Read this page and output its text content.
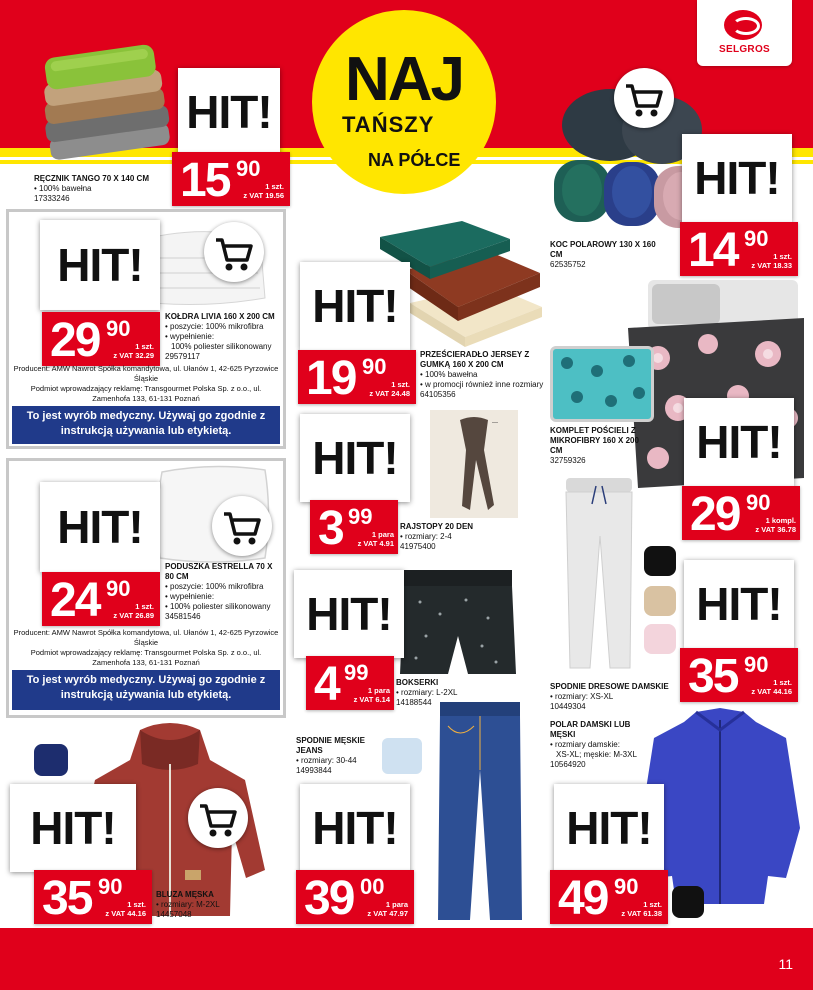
11
SELGROS
NAJ
TAŃSZY
NA PÓŁCE
HIT!
15 90
1 szt.
z VAT 19.56
RĘCZNIK TANGO 70 X 140 CM
• 100% bawełna
17333246
HIT!
29 90
1 szt.
z VAT 32.29
KOŁDRA LIVIA 160 X 200 CM
• poszycie: 100% mikrofibra
• wypełnienie:
100% poliester silikonowany
29579117
Producent: AMW Nawrot Spółka komandytowa, ul. Ułanów 1, 42-625 Pyrzowice Śląskie
Podmiot wprowadzający reklamę: Transgourmet Polska Sp. z o.o., ul. Zamenhofa 133, 61-131 Poznań
To jest wyrób medyczny. Używaj go zgodnie z instrukcją używania lub etykietą.
HIT!
24 90
1 szt.
z VAT 26.89
PODUSZKA ESTRELLA 70 X 80 CM
• poszycie: 100% mikrofibra
• wypełnienie:
• 100% poliester silikonowany
34581546
Producent: AMW Nawrot Spółka komandytowa, ul. Ułanów 1, 42-625 Pyrzowice Śląskie
Podmiot wprowadzający reklamę: Transgourmet Polska Sp. z o.o., ul. Zamenhofa 133, 61-131 Poznań
To jest wyrób medyczny. Używaj go zgodnie z instrukcją używania lub etykietą.
HIT!
19 90
1 szt.
z VAT 24.48
PRZEŚCIERADŁO JERSEY Z GUMKĄ 160 X 200 CM
• 100% bawełna
• w promocji również inne rozmiary
64105356
—
HIT!
3 99
1 para
z VAT 4.91
RAJSTOPY 20 DEN
• rozmiary: 2-4
41975400
HIT!
4 99
1 para
z VAT 6.14
BOKSERKI
• rozmiary: L-2XL
14188544
HIT!
14 90
1 szt.
z VAT 18.33
KOC POLAROWY 130 X 160 CM
62535752
HIT!
29 90
1 kompl.
z VAT 36.78
KOMPLET POŚCIELI Z MIKROFIBRY 160 X 200 CM
32759326
HIT!
35 90
1 szt.
z VAT 44.16
SPODNIE DRESOWE DAMSKIE
• rozmiary: XS-XL
10449304
POLAR DAMSKI LUB MĘSKI
• rozmiary damskie:
XS-XL; męskie: M-3XL
10564920
HIT!
49 90
1 szt.
z VAT 61.38
SPODNIE MĘSKIE JEANS
• rozmiary: 30-44
14993844
HIT!
39 00
1 para
z VAT 47.97
HIT!
35 90
1 szt.
z VAT 44.16
BLUZA MĘSKA
• rozmiary: M-2XL
14457048
